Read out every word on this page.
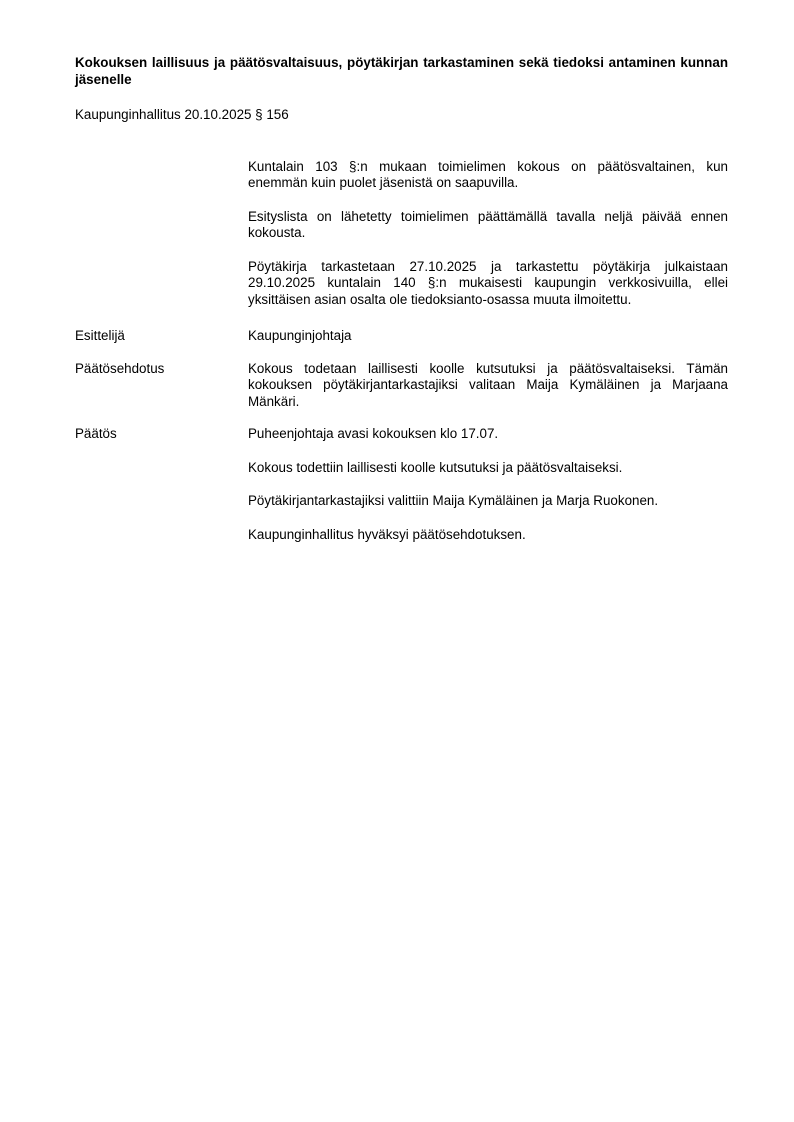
Kokouksen laillisuus ja päätösvaltaisuus, pöytäkirjan tarkastaminen sekä tiedoksi antaminen kunnan jäsenelle

Kaupunginhallitus 20.10.2025 § 156

Kuntalain 103 §:n mukaan toimielimen kokous on päätösvaltainen, kun enemmän kuin puolet jäsenistä on saapuvilla.

Esityslista on lähetetty toimielimen päättämällä tavalla neljä päivää ennen kokousta.

Pöytäkirja tarkastetaan 27.10.2025 ja tarkastettu pöytäkirja julkaistaan 29.10.2025 kuntalain 140 §:n mukaisesti kaupungin verkkosivuilla, ellei yksittäisen asian osalta ole tiedoksianto-osassa muuta ilmoitettu.

Esittelijä	Kaupunginjohtaja

Päätösehdotus	Kokous todetaan laillisesti koolle kutsutuksi ja päätösvaltaiseksi. Tämän kokouksen pöytäkirjantarkastajiksi valitaan Maija Kymäläinen ja Marjaana Mänkäri.

Päätös	Puheenjohtaja avasi kokouksen klo 17.07.

Kokous todettiin laillisesti koolle kutsutuksi ja päätösvaltaiseksi.

Pöytäkirjantarkastajiksi valittiin Maija Kymäläinen ja Marja Ruokonen.

Kaupunginhallitus hyväksyi päätösehdotuksen.
